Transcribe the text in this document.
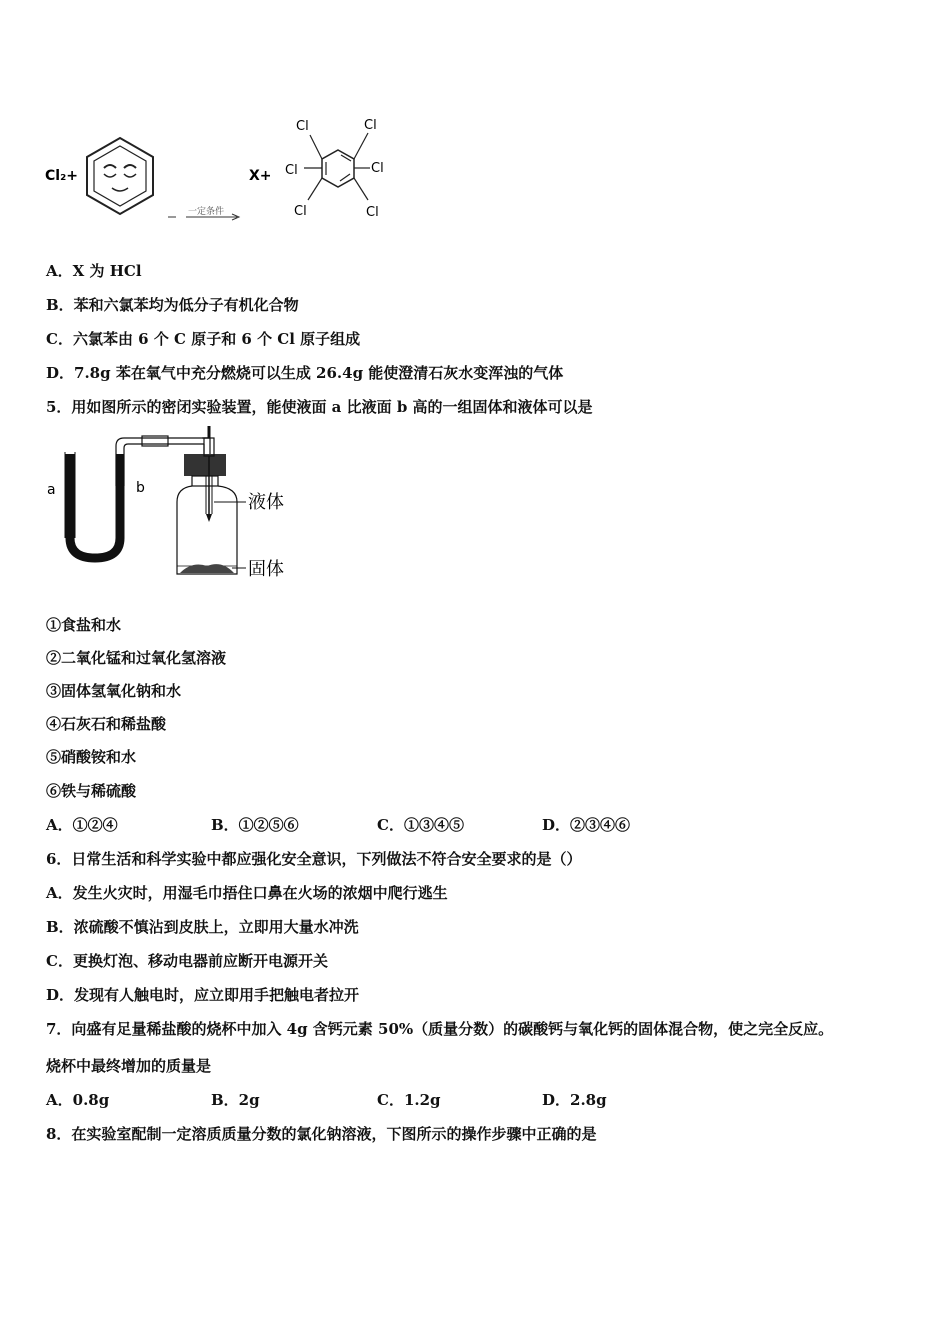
Cl₂+
一定条件
X+
Cl	Cl
Cl	Cl
Cl	Cl
A．X 为 HCl
B．苯和六氯苯均为低分子有机化合物
C．六氯苯由 6 个 C 原子和 6 个 Cl 原子组成
D．7.8g 苯在氧气中充分燃烧可以生成 26.4g 能使澄清石灰水变浑浊的气体
5．用如图所示的密闭实验装置，能使液面 a 比液面 b 高的一组固体和液体可以是
a	b
液体
固体
①食盐和水
②二氧化锰和过氧化氢溶液
③固体氢氧化钠和水
④石灰石和稀盐酸
⑤硝酸铵和水
⑥铁与稀硫酸
A．①②④	B．①②⑤⑥	C．①③④⑤	D．②③④⑥
6．日常生活和科学实验中都应强化安全意识，下列做法不符合安全要求的是（）
A．发生火灾时，用湿毛巾捂住口鼻在火场的浓烟中爬行逃生
B．浓硫酸不慎沾到皮肤上，立即用大量水冲洗
C．更换灯泡、移动电器前应断开电源开关
D．发现有人触电时，应立即用手把触电者拉开
7．向盛有足量稀盐酸的烧杯中加入 4g 含钙元素 50%（质量分数）的碳酸钙与氧化钙的固体混合物，使之完全反应。
烧杯中最终增加的质量是
A．0.8g	B．2g	C．1.2g	D．2.8g
8．在实验室配制一定溶质质量分数的氯化钠溶液，下图所示的操作步骤中正确的是
